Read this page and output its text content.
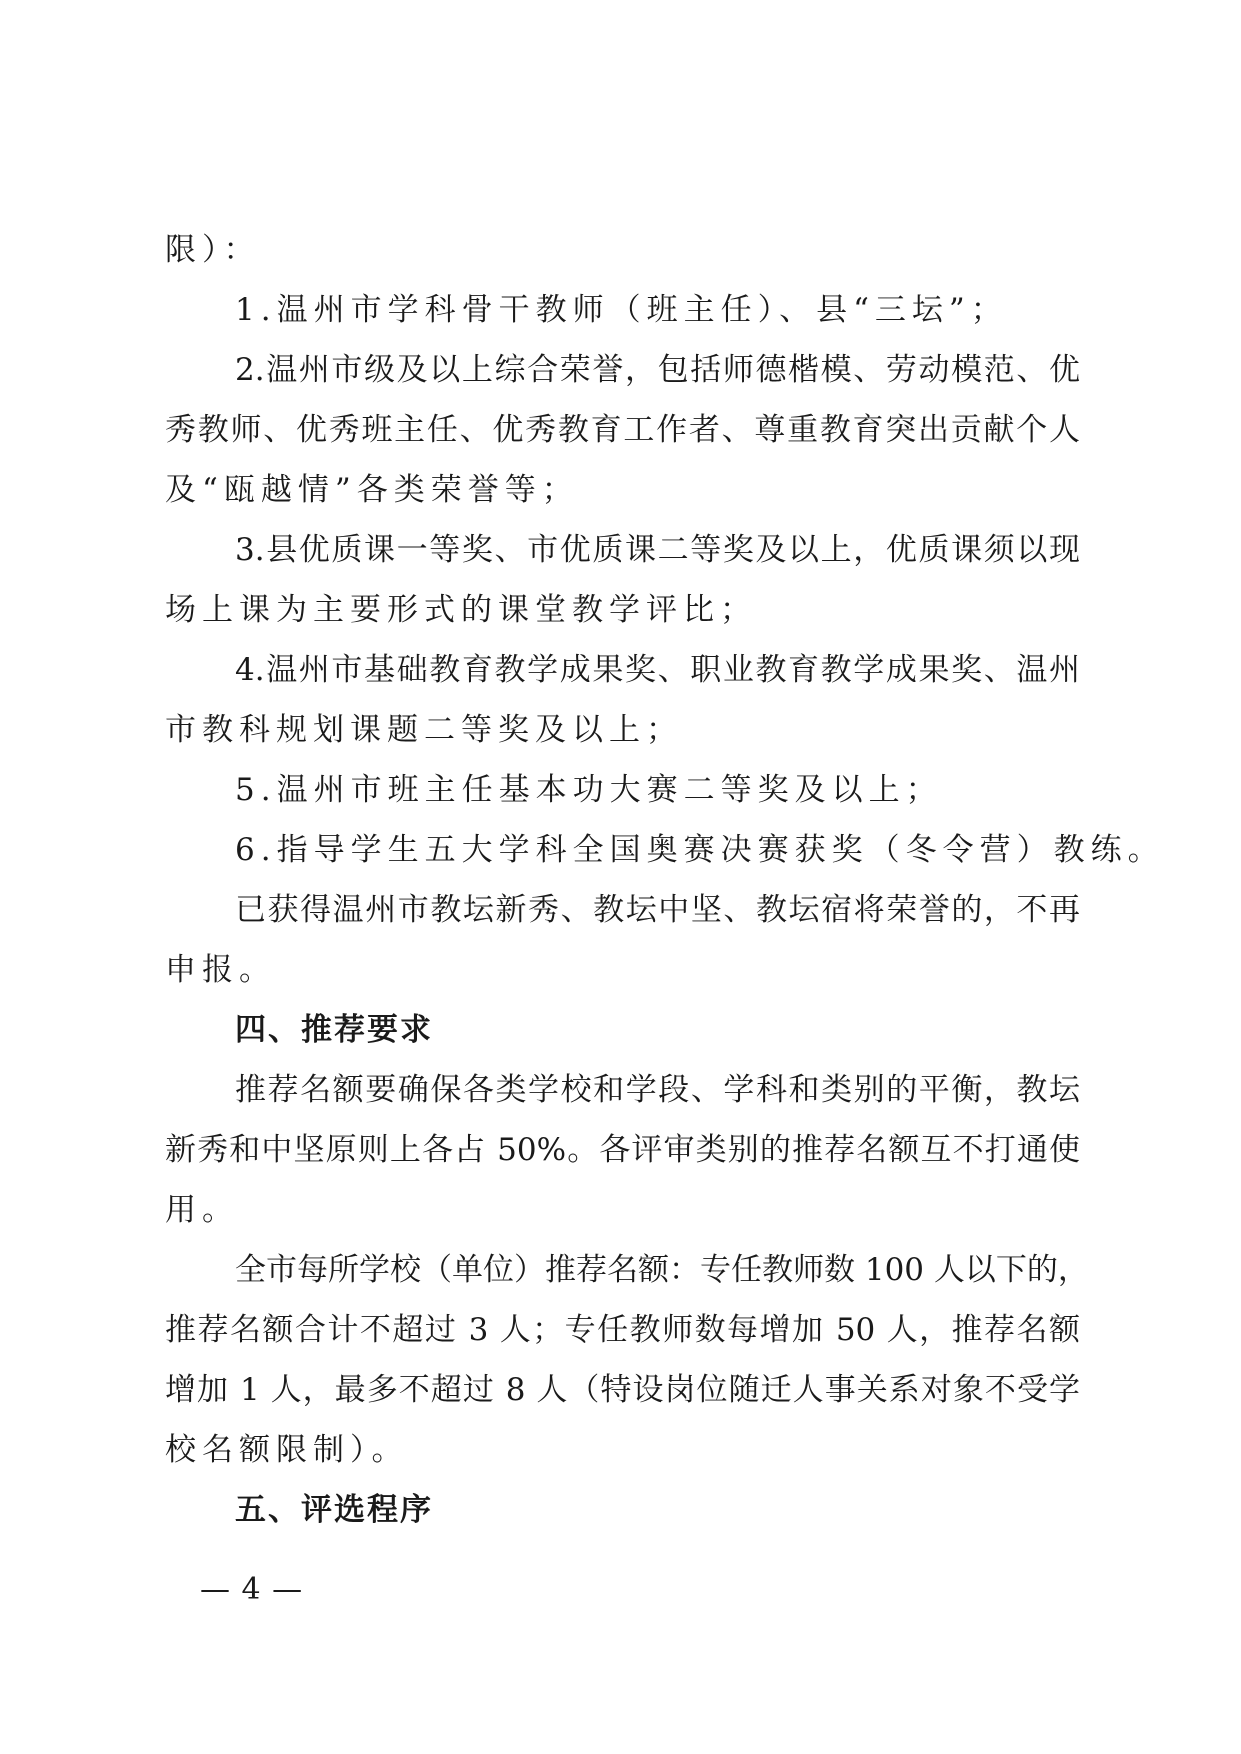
限）：
1.温州市学科骨干教师（班主任）、县“三坛”；
2.温州市级及以上综合荣誉，包括师德楷模、劳动模范、优
秀教师、优秀班主任、优秀教育工作者、尊重教育突出贡献个人
及“瓯越情”各类荣誉等；
3.县优质课一等奖、市优质课二等奖及以上，优质课须以现
场上课为主要形式的课堂教学评比；
4.温州市基础教育教学成果奖、职业教育教学成果奖、温州
市教科规划课题二等奖及以上；
5.温州市班主任基本功大赛二等奖及以上；
6.指导学生五大学科全国奥赛决赛获奖（冬令营）教练。
已获得温州市教坛新秀、教坛中坚、教坛宿将荣誉的，不再
申报。
四、推荐要求
推荐名额要确保各类学校和学段、学科和类别的平衡，教坛
新秀和中坚原则上各占 50%。各评审类别的推荐名额互不打通使
用。
全市每所学校（单位）推荐名额：专任教师数 100 人以下的，
推荐名额合计不超过 3 人；专任教师数每增加 50 人，推荐名额
增加 1 人，最多不超过 8 人（特设岗位随迁人事关系对象不受学
校名额限制）。
五、评选程序
— 4 —
